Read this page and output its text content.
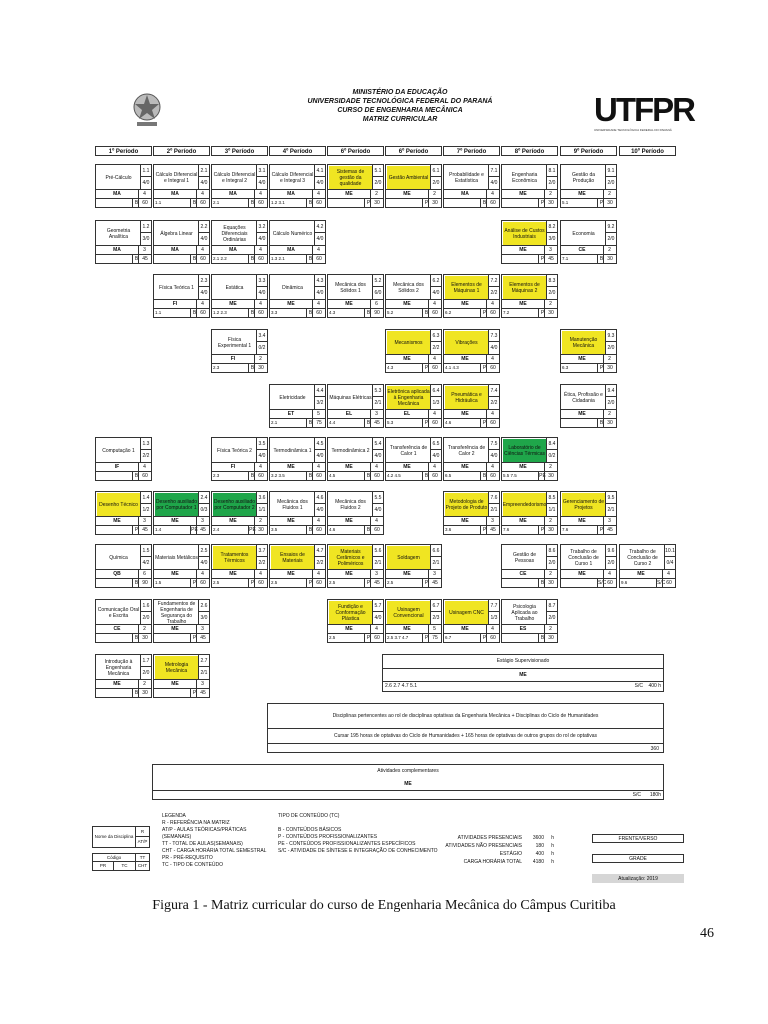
MINISTÉRIO DA EDUCAÇÃO
UNIVERSIDADE TECNOLÓGICA FEDERAL DO PARANÁ
CURSO DE ENGENHARIA MECÂNICA
MATRIZ CURRICULAR	UTFPR
UNIVERSIDADE TECNOLÓGICA FEDERAL DO PARANÁ
1º Período	2º Período	3º Período	4º Período	6º Período	6º Período	7º Período	8º Período	9º Período	10º Período
Pré-Cálculo
1.1
4/0
MA	4
B 60
Cálculo Diferencial e Integral 1
2.1
4/0
MA	4
1.1	B 60
Cálculo Diferencial e Integral 2
3.1
4/0
MA	4
2.1	B 60
Cálculo Diferencial e Integral 3
4.1
4/0
MA	4
1.2 3.1	B 60
Sistemas de gestão da qualidade
5.1
2/0
ME	2
P 30
Gestão Ambiental
6.1
2/0
ME	2
P 30
Probabilidade e Estatística
7.1
4/0
MA	4
B 60
Engenharia Econômica
8.1
2/0
ME	2
P 30
Gestão da Produção
9.1
2/0
ME	2
5.1	P 30
Geometria Analítica
1.2
3/0
MA	3
B 45
Álgebra Linear
2.2
4/0
MA	4
B 60
Equações Diferenciais Ordinárias
3.2
4/0
MA	4
2.1 2.2	B 60
Cálculo Numérico
4.2
4/0
MA	4
1.3 2.1	B 60
Análise de Custos Industriais
8.2
3/0
ME	3
P 45
Economia
9.2
2/0
CE	2
7.1	B 30
Física Teórica 1
2.3
4/0
FI	4
1.1	B 60
Estática
3.3
4/0
ME	4
1.2 2.3	B 60
Dinâmica
4.3
4/0
ME	4
3.3	B 60
Mecânica dos Sólidos 1
5.2
6/0
ME	6
4.3	B 90
Mecânica dos Sólidos 2
6.2
4/0
ME	4
5.2	B 60
Elementos de Máquinas 1
7.2
2/2
ME	4
6.2	P 60
Elementos de Máquinas 2
8.3
2/0
ME	2
7.2	P 30
Física Experimental 1
3.4
0/2
FI	2
2.3	B 30
Mecanismos
6.3
2/2
ME	4
4.3	P 60
Vibrações
7.3
4/0
ME	4
4.1 4.3	P 60
Manutenção Mecânica
9.3
2/0
ME	2
6.3	P 30
Eletricidade
4.4
3/2
ET	5
2.1	B 75
Máquinas Elétricas
5.3
2/1
EL	3
4.4	B 45
Eletrônica aplicada à Engenharia Mecânica
6.4
1/3
EL	4
5.3	P 60
Pneumática e Hidráulica
7.4
2/2
ME	4
4.6	P 60
Ética, Profissão e Cidadania
9.4
2/0
ME	2
B 30
Computação 1
1.3
2/2
IF	4
B 60
Física Teórica 2
3.5
4/0
FI	4
2.3	B 60
Termodinâmica 1
4.5
4/0
ME	4
3.2 3.5	B 60
Termodinâmica 2
5.4
4/0
ME	4
4.5	B 60
Transferência de Calor 1
6.5
4/0
ME	4
4.2 4.5	B 60
Transferência de Calor 2
7.5
4/0
ME	4
6.5	B 60
Laboratório de Ciências Térmicas
8.4
0/2
ME	2
5.5 7.5	PE 30
Desenho Técnico
1.4
1/2
ME	3
P 45
Desenho auxiliado por Computador 1
2.4
0/3
ME	3
1.4	PE 45
Desenho auxiliado por Computador 2
3.6
1/1
ME	2
2.4	PE 30
Mecânica dos Fluidos 1
4.6
4/0
ME	4
3.5	B 60
Mecânica dos Fluidos 2
5.5
4/0
ME	4
4.6	B 60
Metodologia de Projeto de Produto
7.6
2/1
ME	3
3.6	P 45
Empreendedorismo
8.5
1/1
ME	2
7.6	P 30
Gerenciamento de Projetos
9.5
2/1
ME	3
7.6	P 45
Química
1.5
4/2
QB	6
B 90
Materiais Metálicos
2.5
4/0
ME	4
1.5	P 60
Tratamentos Térmicos
3.7
2/2
ME	4
2.5	P 60
Ensaios de Materiais
4.7
2/2
ME	4
2.5	P 60
Materiais Cerâmicos e Poliméricos
5.6
2/1
ME	3
2.5	P 45
Soldagem
6.6
2/1
ME	3
2.5	P 45
Gestão de Pessoas
8.6
2/0
CE	2
B 30
Trabalho de Conclusão de Curso 1
9.6
2/0
ME	4
S/C 60
Trabalho de Conclusão de Curso 2
10.1
0/4
ME	4
9.6	S/C 60
Comunicação Oral e Escrita
1.6
2/0
CE	2
B 30
Fundamentos de Engenharia de Segurança do Trabalho
2.6
3/0
ME	3
P 45
Fundição e Conformação Plástica
5.7
4/0
ME	4
2.5	P 60
Usinagem Convencional
6.7
2/3
ME	5
2.5 3.7 4.7	P 75
Usinagem CNC
7.7
1/3
ME	4
6.7	P 60
Psicologia Aplicada ao Trabalho
8.7
2/0
ES	2
B 30
Introdução à Engenharia Mecânica
1.7
2/0
ME	2
B 30
Metrologia Mecânica
2.7
2/1
ME	3
P 45
Estágio Supervisionado
ME
2.6 2.7 4.7 5.1	S/C 400 h
Disciplinas pertencentes ao rol de disciplinas optativas da Engenharia Mecânica + Disciplinas do Ciclo de Humanidades
Cursar 195 horas de optativas do Ciclo de Humanidades + 165 horas de optativas de outros grupos do rol de optativas
360
Atividades complementares
ME
S/C 180h
LEGENDA
R - REFERÊNCIA NA MATRIZ
AT/P - AULAS TEÓRICAS/PRÁTICAS (SEMANAIS)
TT - TOTAL DE AULAS(SEMANAIS)
CHT - CARGA HORÁRIA TOTAL SEMESTRAL
PR - PRÉ-REQUISITO
TC - TIPO DE CONTEÚDO
Nome da Disciplina
R
AT/P
Código	TT
PR	TC	CHT
TIPO DE CONTEÚDO (TC)
B - CONTEÚDOS BÁSICOS
P - CONTEÚDOS PROFISSIONALIZANTES
PE - CONTEÚDOS PROFISSIONALIZANTES ESPECÍFICOS
S/C - ATIVIDADE DE SÍNTESE E INTEGRAÇÃO DE CONHECIMENTO
ATIVIDADES PRESENCIAIS 3600 h
ATIVIDADES NÃO PRESENCIAIS	180 h
ESTÁGIO	400 h
CARGA HORÁRIA TOTAL 4180 h
FRENTE/VERSO
GRADE
Atualização: 2019
Figura 1 - Matriz curricular do curso de Engenharia Mecânica do Câmpus Curitiba
46
